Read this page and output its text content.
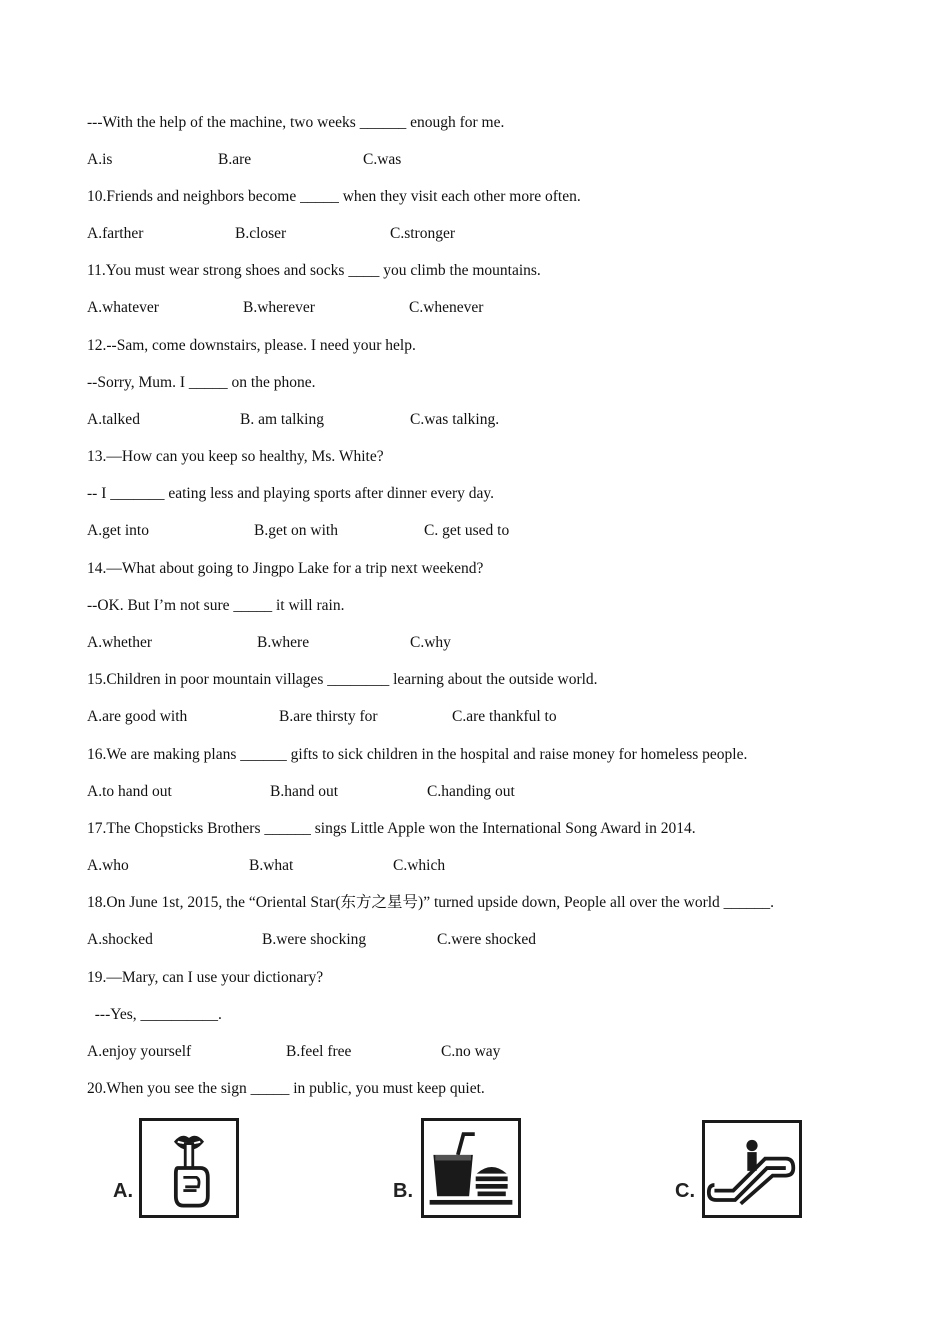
---With the help of the machine, two weeks ______ enough for me.
A.is	B.are	C.was
10.Friends and neighbors become _____ when they visit each other more often.
A.farther	B.closer	C.stronger
11.You must wear strong shoes and socks ____ you climb the mountains.
A.whatever	B.wherever	C.whenever
12.--Sam, come downstairs, please. I need your help.
--Sorry, Mum. I _____ on the phone.
A.talked	B. am talking	C.was talking.
13.—How can you keep so healthy, Ms. White?
-- I _______ eating less and playing sports after dinner every day.
A.get into	B.get on with	C. get used to
14.—What about going to Jingpo Lake for a trip next weekend?
--OK. But I’m not sure _____ it will rain.
A.whether	B.where	C.why
15.Children in poor mountain villages ________ learning about the outside world.
A.are good with	B.are thirsty for	C.are thankful to
16.We are making plans ______ gifts to sick children in the hospital and raise money for homeless people.
A.to hand out	B.hand out	C.handing out
17.The Chopsticks Brothers ______ sings Little Apple won the International Song Award in 2014.
A.who	B.what	C.which
18.On June 1st, 2015, the “Oriental Star(东方之星号)” turned upside down, People all over the world ______.
A.shocked	B.were shocking	C.were shocked
19.—Mary, can I use your dictionary?
---Yes, __________.
A.enjoy yourself	B.feel free	C.no way
20.When you see the sign _____ in public, you must keep quiet.
A.	B.	C.
